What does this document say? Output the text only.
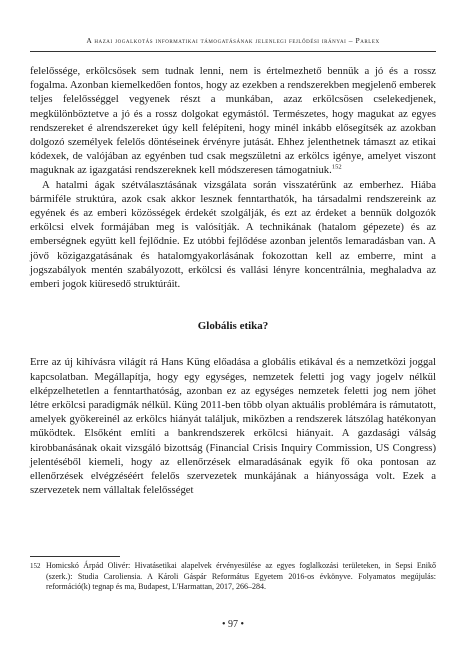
A hazai jogalkotás informatikai támogatásának jelenlegi fejlődési irányai – Parlex

felelőssége, erkölcsösek sem tudnak lenni, nem is értelmezhető bennük a jó és a rossz fogalma. Azonban kiemelkedően fontos, hogy az ezekben a rendszerekben megjelenő emberek teljes felelősséggel vegyenek részt a munkában, azaz erkölcsösen cselekedjenek, megkülönböztetve a jó és a rossz dolgokat egymástól. Természetes, hogy magukat az egyes rendszereket é alrendszereket úgy kell felépíteni, hogy minél inkább elősegítsék az azokban dolgozó személyek felelős döntéseinek érvényre jutását. Ehhez jelenthetnek támaszt az etikai kódexek, de valójában az egyénben tud csak megszületni az erkölcs igénye, amelyet viszont maguknak az igazgatási rendszereknek kell módszeresen támogatniuk.$^{152}$

A hatalmi ágak szétválasztásának vizsgálata során visszatérünk az emberhez. Hiába bármiféle struktúra, azok csak akkor lesznek fenntarthatók, ha társadalmi rendszereink az egyének és az emberi közösségek érdekét szolgálják, és ezt az érdeket a bennük dolgozók erkölcsi elvek formájában meg is valósítják. A technikának (hatalom gépezete) és az emberségnek együtt kell fejlődnie. Ez utóbbi fejlődése azonban jelentős lemaradásban van. A jövő közigazgatásának és hatalomgyakorlásának fokozottan kell az emberre, mint a jogszabályok mentén szabályozott, erkölcsi és vallási lényre koncentrálnia, meghaladva az emberi jogok kiüresedő struktúráit.

Globális etika?

Erre az új kihívásra világít rá Hans Küng előadása a globális etikával és a nemzetközi joggal kapcsolatban. Megállapítja, hogy egy egységes, nemzetek feletti jog vagy jogelv nélkül elképzelhetetlen a fenntarthatóság, azonban ez az egységes nemzetek feletti jog nem jöhet létre erkölcsi paradigmák nélkül. Küng 2011-ben több olyan aktuális problémára is rámutatott, amelyek gyökereinél az erkölcs hiányát találjuk, miközben a rendszerek látszólag hatékonyan működtek. Elsőként említi a bankrendszerek erkölcsi hiányait. A gazdasági válság kirobbanásának okait vizsgáló bizottság (Financial Crisis Inquiry Commission, US Congress) jelentéséből kiemeli, hogy az ellenőrzések elmaradásának egyik fő oka pontosan az ellenőrzések elvégzéséért felelős szervezetek munkájának a hiányossága volt. Ezek a szervezetek nem vállaltak felelősséget

152 Homicskó Árpád Olivér: Hivatásetikai alapelvek érvényesülése az egyes foglalkozási területeken, in Sepsi Enikő (szerk.): Studia Caroliensia. A Károli Gáspár Református Egyetem 2016-os évkönyve. Folyamatos megújulás: reformáció(k) tegnap és ma, Budapest, L'Harmattan, 2017, 266–284.
• 97 •
